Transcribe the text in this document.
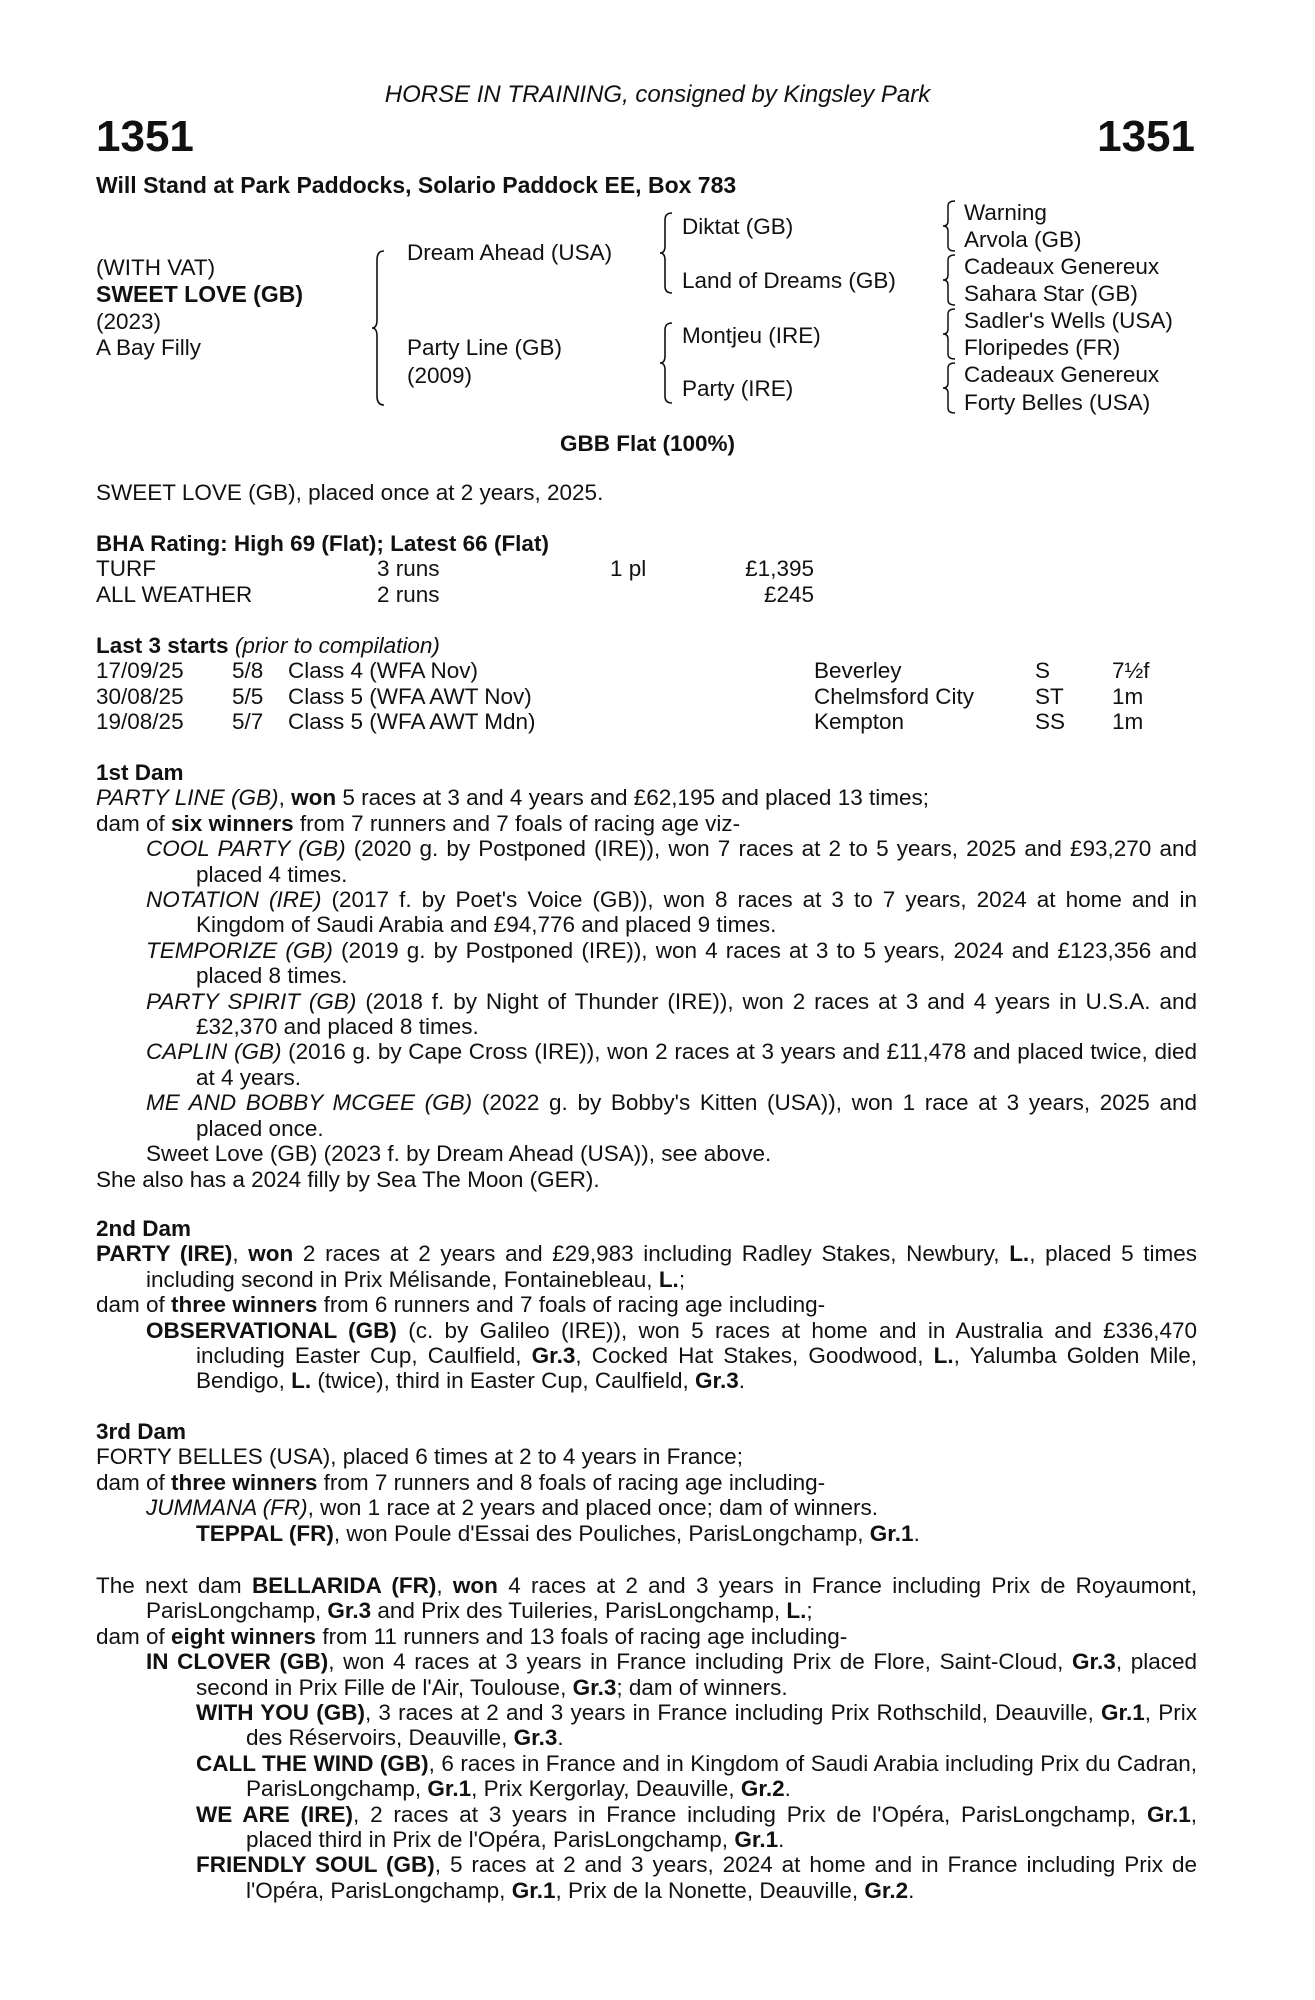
HORSE IN TRAINING, consigned by Kingsley Park
1351	1351
Will Stand at Park Paddocks, Solario Paddock EE, Box 783
(WITH VAT)
SWEET LOVE (GB)
(2023)
A Bay Filly
Dream Ahead (USA)
Party Line (GB)
(2009)
Diktat (GB)
Land of Dreams (GB)
Montjeu (IRE)
Party (IRE)
Warning
Arvola (GB)
Cadeaux Genereux
Sahara Star (GB)
Sadler's Wells (USA)
Floripedes (FR)
Cadeaux Genereux
Forty Belles (USA)
GBB Flat (100%)
SWEET LOVE (GB), placed once at 2 years, 2025.
BHA Rating: High 69 (Flat); Latest 66 (Flat)
TURF	3 runs	1 pl	£1,395
ALL WEATHER	2 runs	£245
Last 3 starts (prior to compilation)
17/09/25 5/8 Class 4 (WFA Nov)	Beverley	S	7½f
30/08/25 5/5 Class 5 (WFA AWT Nov)	Chelmsford City	ST 1m
19/08/25 5/7 Class 5 (WFA AWT Mdn)	Kempton	SS 1m
1st Dam
PARTY LINE (GB), won 5 races at 3 and 4 years and £62,195 and placed 13 times;
dam of six winners from 7 runners and 7 foals of racing age viz-
COOL PARTY (GB) (2020 g. by Postponed (IRE)), won 7 races at 2 to 5 years, 2025 and £93,270 and placed 4 times.
NOTATION (IRE) (2017 f. by Poet's Voice (GB)), won 8 races at 3 to 7 years, 2024 at home and in Kingdom of Saudi Arabia and £94,776 and placed 9 times.
TEMPORIZE (GB) (2019 g. by Postponed (IRE)), won 4 races at 3 to 5 years, 2024 and £123,356 and placed 8 times.
PARTY SPIRIT (GB) (2018 f. by Night of Thunder (IRE)), won 2 races at 3 and 4 years in U.S.A. and £32,370 and placed 8 times.
CAPLIN (GB) (2016 g. by Cape Cross (IRE)), won 2 races at 3 years and £11,478 and placed twice, died at 4 years.
ME AND BOBBY MCGEE (GB) (2022 g. by Bobby's Kitten (USA)), won 1 race at 3 years, 2025 and placed once.
Sweet Love (GB) (2023 f. by Dream Ahead (USA)), see above.
She also has a 2024 filly by Sea The Moon (GER).
2nd Dam
PARTY (IRE), won 2 races at 2 years and £29,983 including Radley Stakes, Newbury, L., placed 5 times including second in Prix Mélisande, Fontainebleau, L.;
dam of three winners from 6 runners and 7 foals of racing age including-
OBSERVATIONAL (GB) (c. by Galileo (IRE)), won 5 races at home and in Australia and £336,470 including Easter Cup, Caulfield, Gr.3, Cocked Hat Stakes, Goodwood, L., Yalumba Golden Mile, Bendigo, L. (twice), third in Easter Cup, Caulfield, Gr.3.
3rd Dam
FORTY BELLES (USA), placed 6 times at 2 to 4 years in France;
dam of three winners from 7 runners and 8 foals of racing age including-
JUMMANA (FR), won 1 race at 2 years and placed once; dam of winners.
TEPPAL (FR), won Poule d'Essai des Pouliches, ParisLongchamp, Gr.1.
The next dam BELLARIDA (FR), won 4 races at 2 and 3 years in France including Prix de Royaumont, ParisLongchamp, Gr.3 and Prix des Tuileries, ParisLongchamp, L.;
dam of eight winners from 11 runners and 13 foals of racing age including-
IN CLOVER (GB), won 4 races at 3 years in France including Prix de Flore, Saint-Cloud, Gr.3, placed second in Prix Fille de l'Air, Toulouse, Gr.3; dam of winners.
WITH YOU (GB), 3 races at 2 and 3 years in France including Prix Rothschild, Deauville, Gr.1, Prix des Réservoirs, Deauville, Gr.3.
CALL THE WIND (GB), 6 races in France and in Kingdom of Saudi Arabia including Prix du Cadran, ParisLongchamp, Gr.1, Prix Kergorlay, Deauville, Gr.2.
WE ARE (IRE), 2 races at 3 years in France including Prix de l'Opéra, ParisLongchamp, Gr.1, placed third in Prix de l'Opéra, ParisLongchamp, Gr.1.
FRIENDLY SOUL (GB), 5 races at 2 and 3 years, 2024 at home and in France including Prix de l'Opéra, ParisLongchamp, Gr.1, Prix de la Nonette, Deauville, Gr.2.
